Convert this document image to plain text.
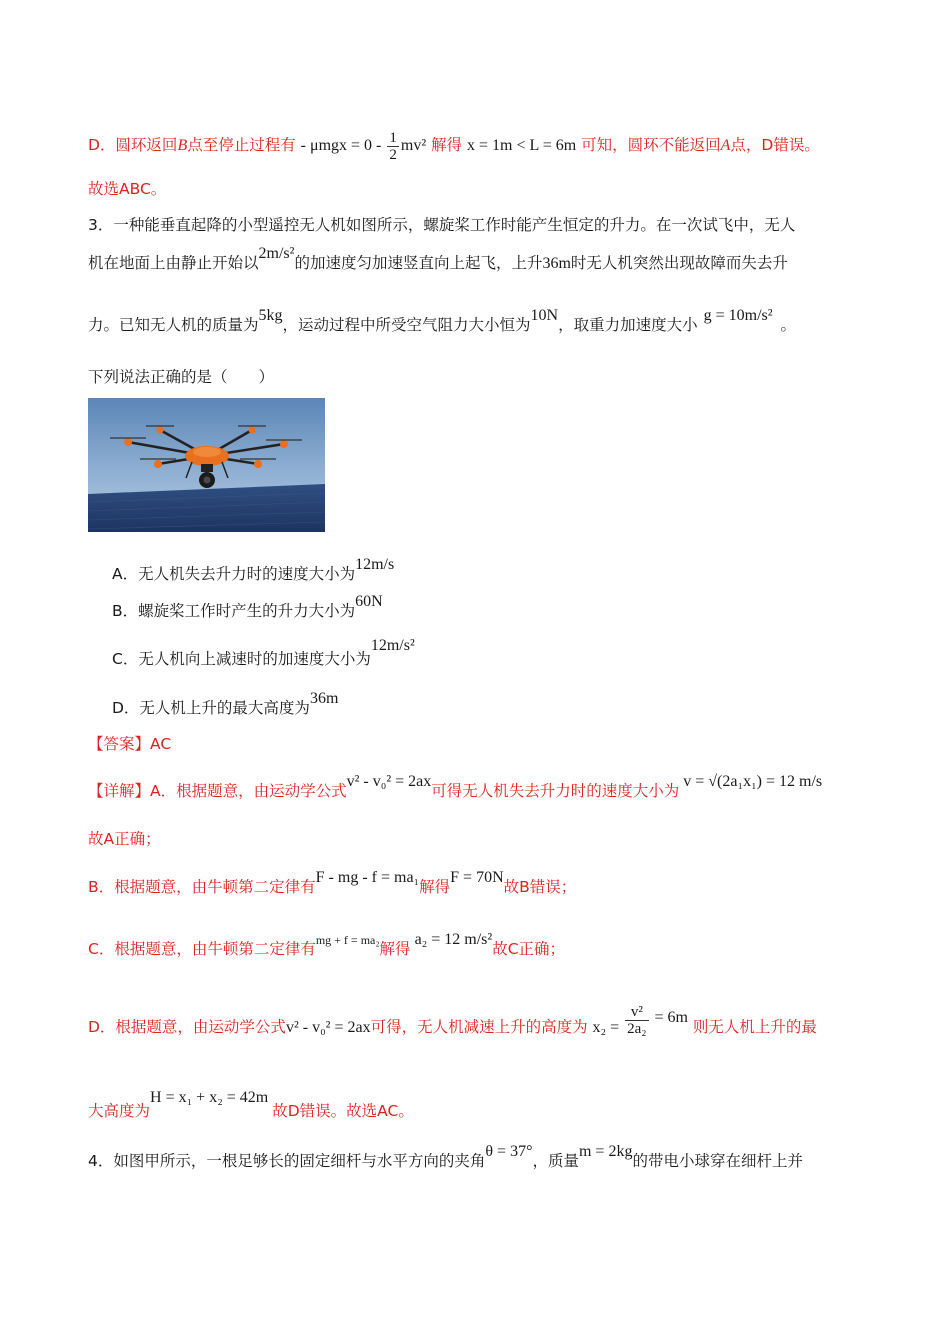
D．圆环返回B点至停止过程有 - $\mu mgx = 0 - \frac{1}{2} mv^2$ 解得 x = 1m < L = 6m 可知，圆环不能返回A点，D错误。
故选ABC。
3．一种能垂直起降的小型遥控无人机如图所示，螺旋桨工作时能产生恒定的升力。在一次试飞中，无人
机在地面上由静止开始以2m/s²的加速度匀加速竖直向上起飞，上升36m时无人机突然出现故障而失去升
力。已知无人机的质量为5kg，运动过程中所受空气阻力大小恒为10N，取重力加速度大小g = 10m/s²。
下列说法正确的是（　　）
A．无人机失去升力时的速度大小为12m/s
B．螺旋桨工作时产生的升力大小为60N
C．无人机向上减速时的加速度大小为12m/s²
D．无人机上升的最大高度为36m
【答案】AC
【详解】A．根据题意，由运动学公式v² - v₀² = 2ax可得无人机失去升力时的速度大小为v = √(2a₁x₁) = 12 m/s
故A正确；
B．根据题意，由牛顿第二定律有F - mg - f = ma₁解得F = 70N故B错误；
C．根据题意，由牛顿第二定律有$^{mg + f = ma_2}$解得a₂ = 12 m/s²故C正确；
D．根据题意，由运动学公式v² - v₀² = 2ax可得，无人机减速上升的高度为 $x_2 = \frac{\text{v²}}{\text{2a₂}} = 6m$ 则无人机上升的最
大高度为H = x₁ + x₂ = 42m故D错误。故选AC。
4．如图甲所示，一根足够长的固定细杆与水平方向的夹角θ = 37°，质量m = 2kg的带电小球穿在细杆上并
